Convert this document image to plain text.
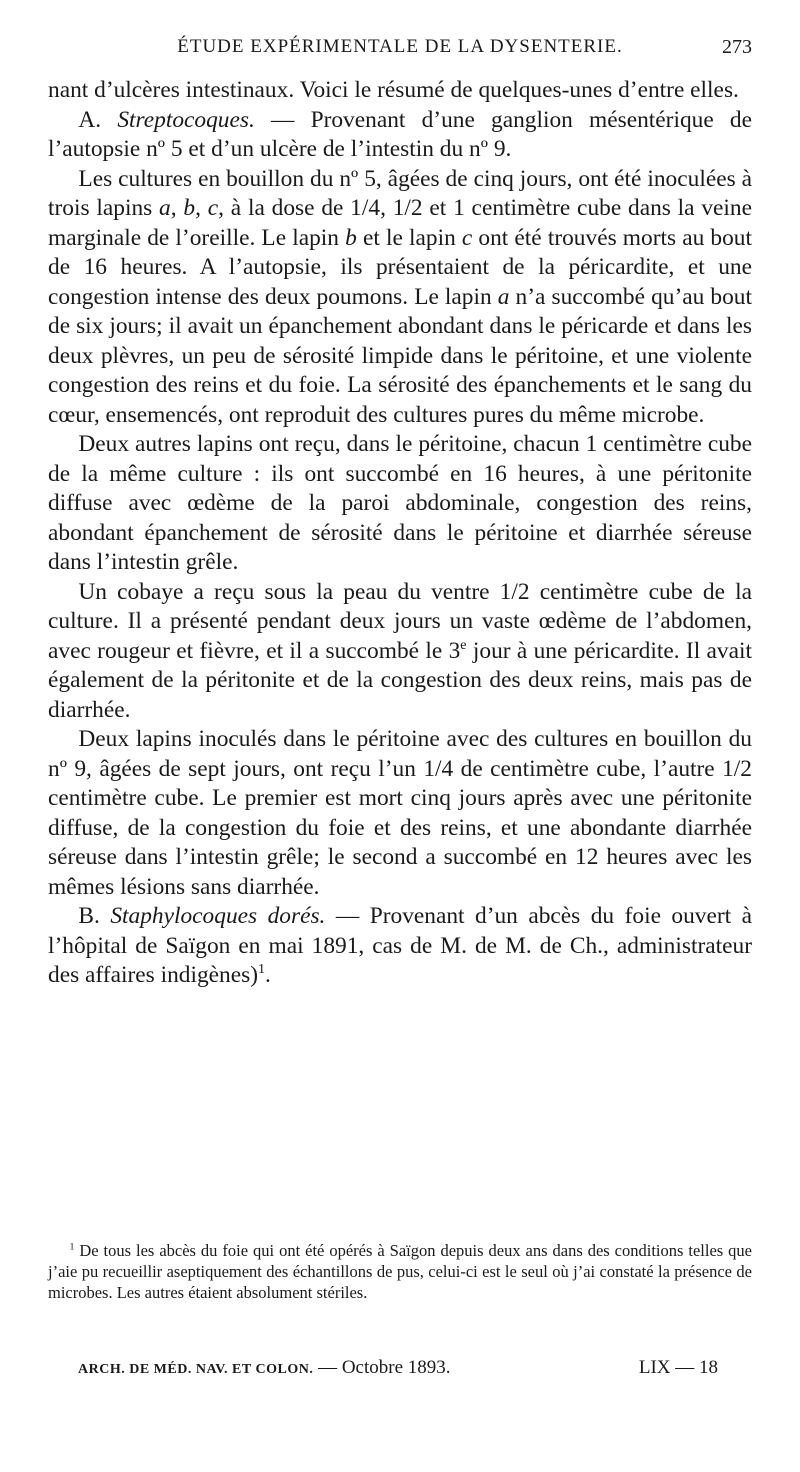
ÉTUDE EXPÉRIMENTALE DE LA DYSENTERIE.	273

nant d’ulcères intestinaux. Voici le résumé de quelques-unes d’entre elles.

A. Streptocoques. — Provenant d’une ganglion mésentérique de l’autopsie nº 5 et d’un ulcère de l’intestin du nº 9.

Les cultures en bouillon du nº 5, âgées de cinq jours, ont été inoculées à trois lapins a, b, c, à la dose de 1/4, 1/2 et 1 centimètre cube dans la veine marginale de l’oreille. Le lapin b et le lapin c ont été trouvés morts au bout de 16 heures. A l’autopsie, ils présentaient de la péricardite, et une congestion intense des deux poumons. Le lapin a n’a succombé qu’au bout de six jours; il avait un épanchement abondant dans le péricarde et dans les deux plèvres, un peu de sérosité limpide dans le péritoine, et une violente congestion des reins et du foie. La sérosité des épanchements et le sang du cœur, ensemencés, ont reproduit des cultures pures du même microbe.

Deux autres lapins ont reçu, dans le péritoine, chacun 1 centimètre cube de la même culture : ils ont succombé en 16 heures, à une péritonite diffuse avec œdème de la paroi abdominale, congestion des reins, abondant épanchement de sérosité dans le péritoine et diarrhée séreuse dans l’intestin grêle.

Un cobaye a reçu sous la peau du ventre 1/2 centimètre cube de la culture. Il a présenté pendant deux jours un vaste œdème de l’abdomen, avec rougeur et fièvre, et il a succombé le 3e jour à une péricardite. Il avait également de la péritonite et de la congestion des deux reins, mais pas de diarrhée.

Deux lapins inoculés dans le péritoine avec des cultures en bouillon du nº 9, âgées de sept jours, ont reçu l’un 1/4 de centimètre cube, l’autre 1/2 centimètre cube. Le premier est mort cinq jours après avec une péritonite diffuse, de la congestion du foie et des reins, et une abondante diarrhée séreuse dans l’intestin grêle; le second a succombé en 12 heures avec les mêmes lésions sans diarrhée.

B. Staphylocoques dorés. — Provenant d’un abcès du foie ouvert à l’hôpital de Saïgon en mai 1891, cas de M. de M. de Ch., administrateur des affaires indigènes)$^1$.

$^1$ De tous les abcès du foie qui ont été opérés à Saïgon depuis deux ans dans des conditions telles que j’aie pu recueillir aseptiquement des échantillons de pus, celui-ci est le seul où j’ai constaté la présence de microbes. Les autres étaient absolument stériles.

ARCH. DE MÉD. NAV. ET COLON. — Octobre 1893.	LIX — 18
